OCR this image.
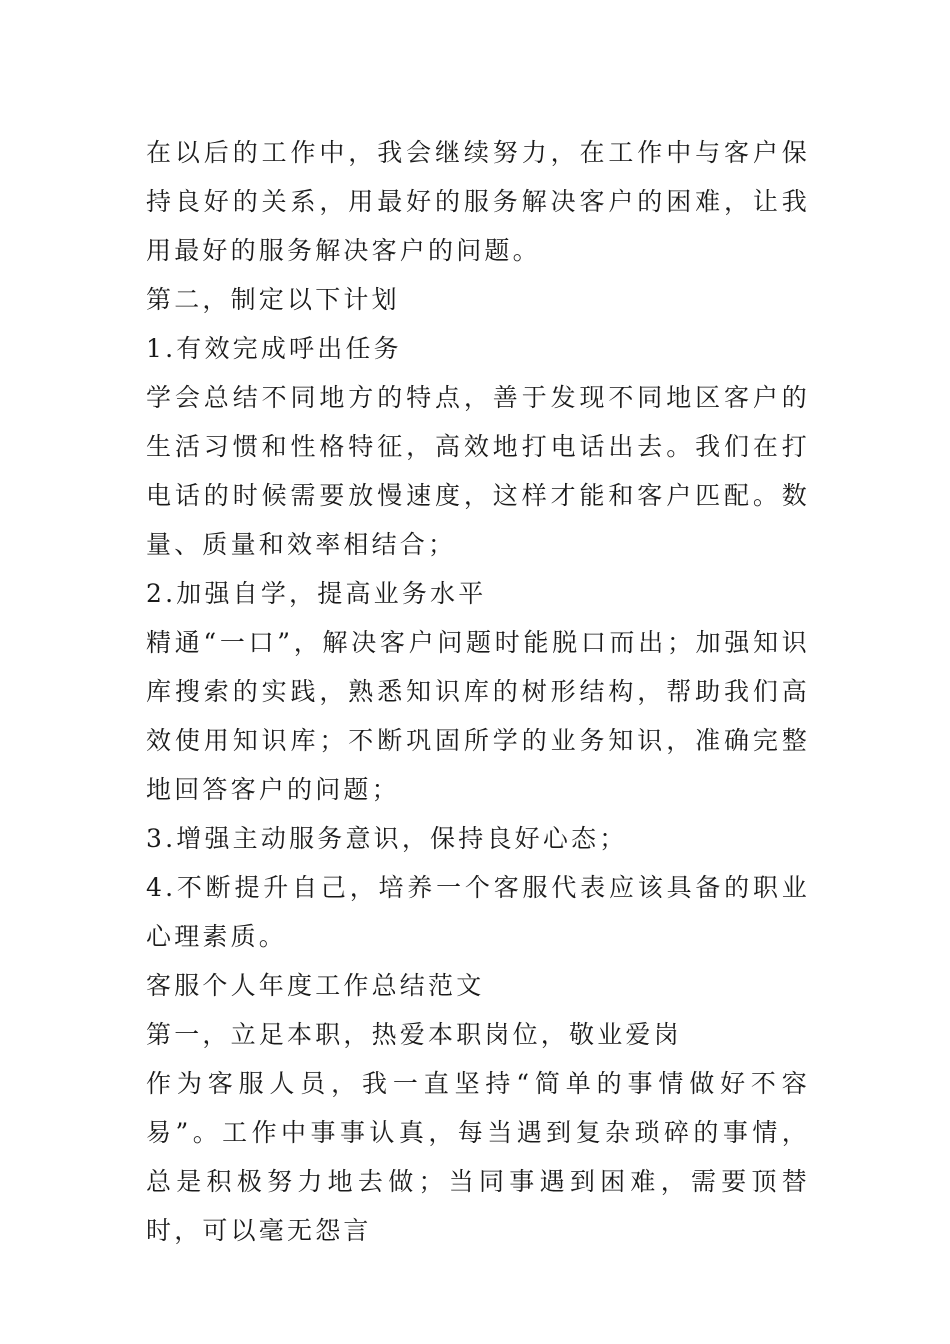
在以后的工作中，我会继续努力，在工作中与客户保持良好的关系，用最好的服务解决客户的困难，让我用最好的服务解决客户的问题。

第二，制定以下计划

1.有效完成呼出任务

学会总结不同地方的特点，善于发现不同地区客户的生活习惯和性格特征，高效地打电话出去。我们在打电话的时候需要放慢速度，这样才能和客户匹配。数量、质量和效率相结合；

2.加强自学，提高业务水平

精通“一口”，解决客户问题时能脱口而出；加强知识库搜索的实践，熟悉知识库的树形结构，帮助我们高效使用知识库；不断巩固所学的业务知识，准确完整地回答客户的问题；

3.增强主动服务意识，保持良好心态；

4.不断提升自己，培养一个客服代表应该具备的职业心理素质。

客服个人年度工作总结范文

第一，立足本职，热爱本职岗位，敬业爱岗

作为客服人员，我一直坚持“简单的事情做好不容易”。工作中事事认真，每当遇到复杂琐碎的事情，总是积极努力地去做；当同事遇到困难，需要顶替时，可以毫无怨言
